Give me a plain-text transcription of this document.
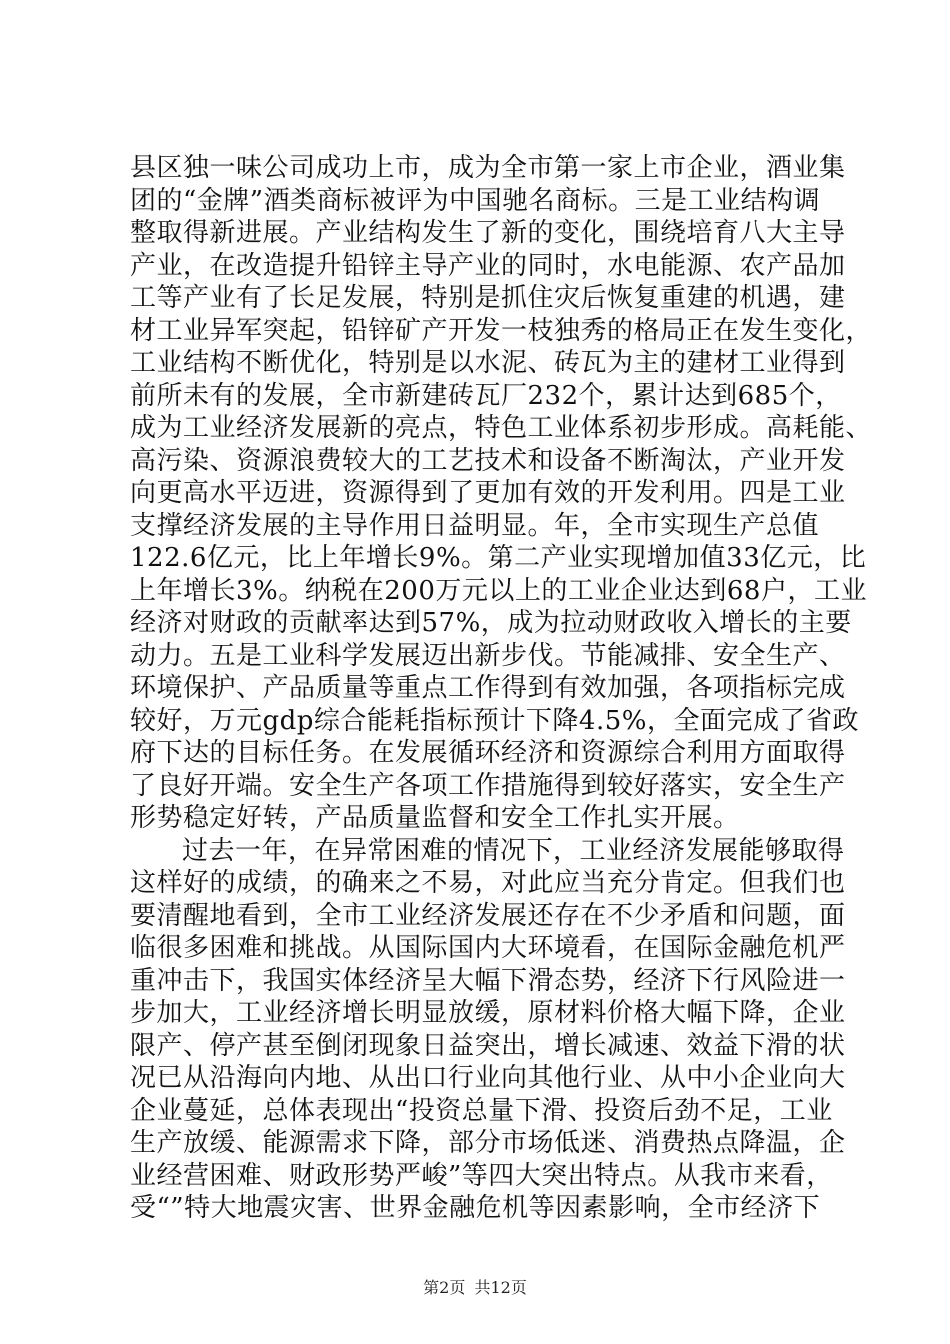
县区独一味公司成功上市，成为全市第一家上市企业，酒业集
团的“金牌”酒类商标被评为中国驰名商标。三是工业结构调
整取得新进展。产业结构发生了新的变化，围绕培育八大主导
产业，在改造提升铅锌主导产业的同时，水电能源、农产品加
工等产业有了长足发展，特别是抓住灾后恢复重建的机遇，建
材工业异军突起，铅锌矿产开发一枝独秀的格局正在发生变化，
工业结构不断优化，特别是以水泥、砖瓦为主的建材工业得到
前所未有的发展，全市新建砖瓦厂232个，累计达到685个，
成为工业经济发展新的亮点，特色工业体系初步形成。高耗能、
高污染、资源浪费较大的工艺技术和设备不断淘汰，产业开发
向更高水平迈进，资源得到了更加有效的开发利用。四是工业
支撑经济发展的主导作用日益明显。年，全市实现生产总值
122.6亿元，比上年增长9%。第二产业实现增加值33亿元，比
上年增长3%。纳税在200万元以上的工业企业达到68户，工业
经济对财政的贡献率达到57%，成为拉动财政收入增长的主要
动力。五是工业科学发展迈出新步伐。节能减排、安全生产、
环境保护、产品质量等重点工作得到有效加强，各项指标完成
较好，万元gdp综合能耗指标预计下降4.5%，全面完成了省政
府下达的目标任务。在发展循环经济和资源综合利用方面取得
了良好开端。安全生产各项工作措施得到较好落实，安全生产
形势稳定好转，产品质量监督和安全工作扎实开展。
过去一年，在异常困难的情况下，工业经济发展能够取得
这样好的成绩，的确来之不易，对此应当充分肯定。但我们也
要清醒地看到，全市工业经济发展还存在不少矛盾和问题，面
临很多困难和挑战。从国际国内大环境看，在国际金融危机严
重冲击下，我国实体经济呈大幅下滑态势，经济下行风险进一
步加大，工业经济增长明显放缓，原材料价格大幅下降，企业
限产、停产甚至倒闭现象日益突出，增长减速、效益下滑的状
况已从沿海向内地、从出口行业向其他行业、从中小企业向大
企业蔓延，总体表现出“投资总量下滑、投资后劲不足，工业
生产放缓、能源需求下降，部分市场低迷、消费热点降温，企
业经营困难、财政形势严峻”等四大突出特点。从我市来看，
受“”特大地震灾害、世界金融危机等因素影响，全市经济下
第2页 共12页
